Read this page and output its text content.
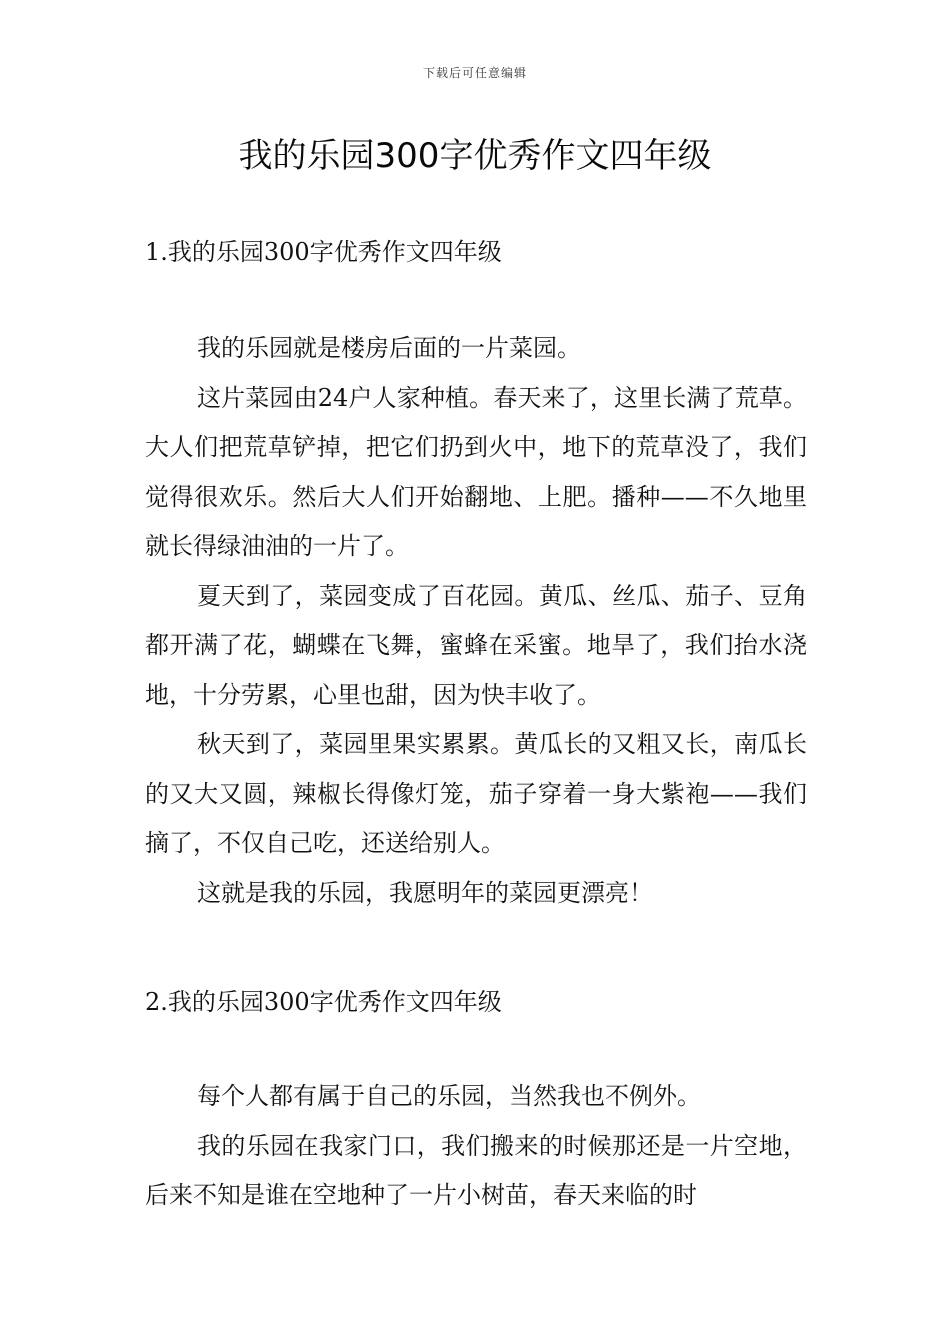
下载后可任意编辑
我的乐园300字优秀作文四年级
1.我的乐园300字优秀作文四年级

我的乐园就是楼房后面的一片菜园。

这片菜园由24户人家种植。春天来了，这里长满了荒草。大人们把荒草铲掉，把它们扔到火中，地下的荒草没了，我们觉得很欢乐。然后大人们开始翻地、上肥。播种——不久地里就长得绿油油的一片了。

夏天到了，菜园变成了百花园。黄瓜、丝瓜、茄子、豆角都开满了花，蝴蝶在飞舞，蜜蜂在采蜜。地旱了，我们抬水浇地，十分劳累，心里也甜，因为快丰收了。

秋天到了，菜园里果实累累。黄瓜长的又粗又长，南瓜长的又大又圆，辣椒长得像灯笼，茄子穿着一身大紫袍——我们摘了，不仅自己吃，还送给别人。

这就是我的乐园，我愿明年的菜园更漂亮！

2.我的乐园300字优秀作文四年级

每个人都有属于自己的乐园，当然我也不例外。

我的乐园在我家门口，我们搬来的时候那还是一片空地，后来不知是谁在空地种了一片小树苗，春天来临的时
